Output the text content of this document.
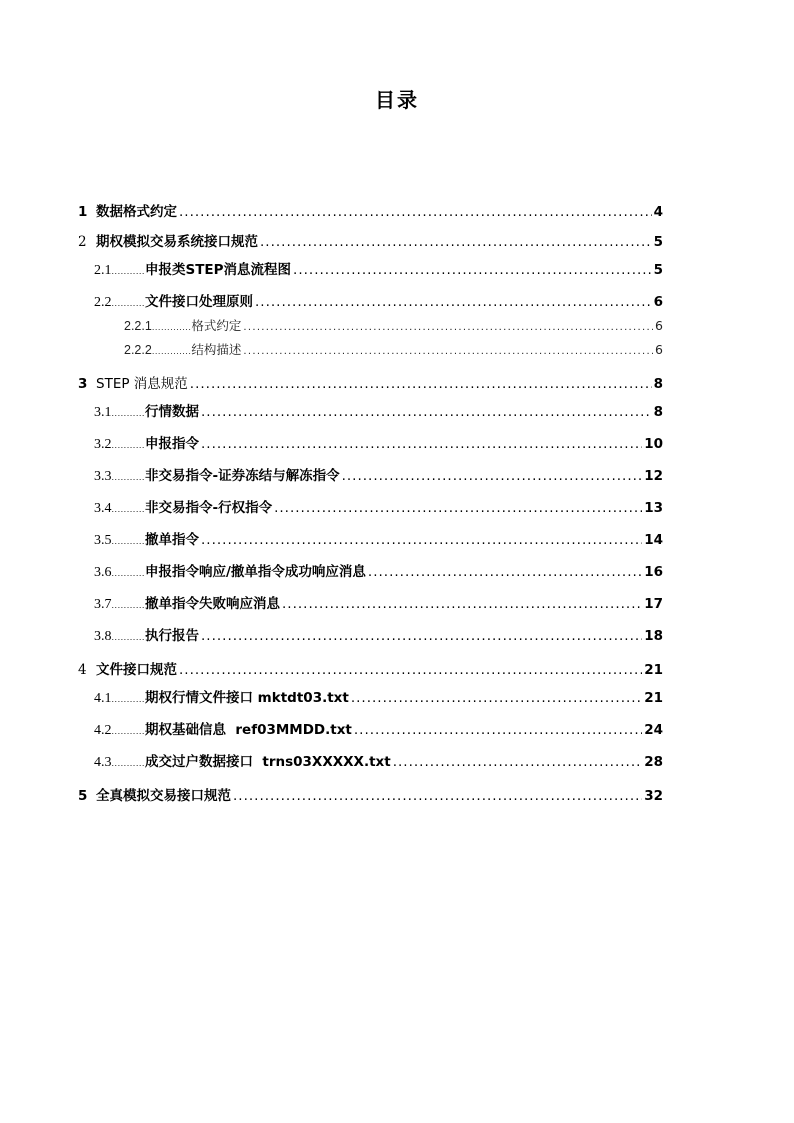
目录
1 数据格式约定 .....	4
2 期权模拟交易系统接口规范 .....	5
2.1 ........... 申报类STEP消息流程图 .....	5
2.2 ........... 文件接口处理原则 .....	6
2.2.1 ............. 格式约定 .....	6
2.2.2 ............. 结构描述 .....	6
3 STEP 消息规范 .....	8
3.1 ........... 行情数据 .....	8
3.2 ........... 申报指令 .....	10
3.3 ........... 非交易指令-证券冻结与解冻指令 .....	12
3.4 ........... 非交易指令-行权指令 .....	13
3.5 ........... 撤单指令 .....	14
3.6 ........... 申报指令响应/撤单指令成功响应消息 .....	16
3.7 ........... 撤单指令失败响应消息 .....	17
3.8 ........... 执行报告 .....	18
4 文件接口规范 .....	21
4.1 ........... 期权行情文件接口 mktdt03.txt .....	21
4.2 ........... 期权基础信息  ref03MMDD.txt .....	24
4.3 ........... 成交过户数据接口  trns03XXXXX.txt .....	28
5 全真模拟交易接口规范 .....	32
